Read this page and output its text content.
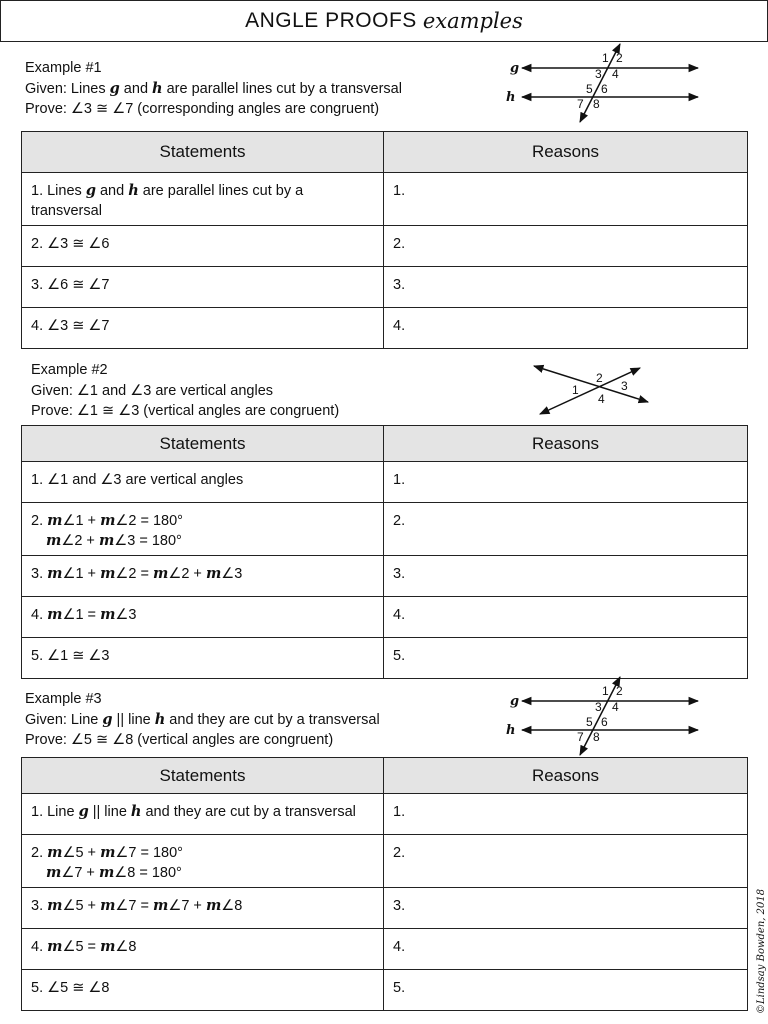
ANGLE PROOFS examples
Example #1
Given: Lines g and h are parallel lines cut by a transversal
Prove: ∠3 ≅ ∠7 (corresponding angles are congruent)
g
h
1 2
3 4
5 6
7 8
Statements	Reasons
1. Lines g and h are parallel lines cut by a transversal	1.
2. ∠3 ≅ ∠6	2.
3. ∠6 ≅ ∠7	3.
4. ∠3 ≅ ∠7	4.
Example #2
Given: ∠1 and ∠3 are vertical angles
Prove: ∠1 ≅ ∠3 (vertical angles are congruent)
1
2
3
4
Statements	Reasons
1. ∠1 and ∠3 are vertical angles	1.

2. m∠1 + m∠2 = 180°
m∠2 + m∠3 = 180°	2.
3. m∠1 + m∠2 = m∠2 + m∠3	3.
4. m∠1 = m∠3	4.
5. ∠1 ≅ ∠3	5.
Example #3
Given: Line g || line h and they are cut by a transversal
Prove: ∠5 ≅ ∠8 (vertical angles are congruent)
g
h
1 2
3 4
5 6
7 8
Statements	Reasons
1. Line g || line h and they are cut by a transversal	1.

2. m∠5 + m∠7 = 180°
m∠7 + m∠8 = 180°	2.
3. m∠5 + m∠7 = m∠7 + m∠8	3.
4. m∠5 = m∠8	4.
5. ∠5 ≅ ∠8	5.	©Lindsay Bowden, 2018
